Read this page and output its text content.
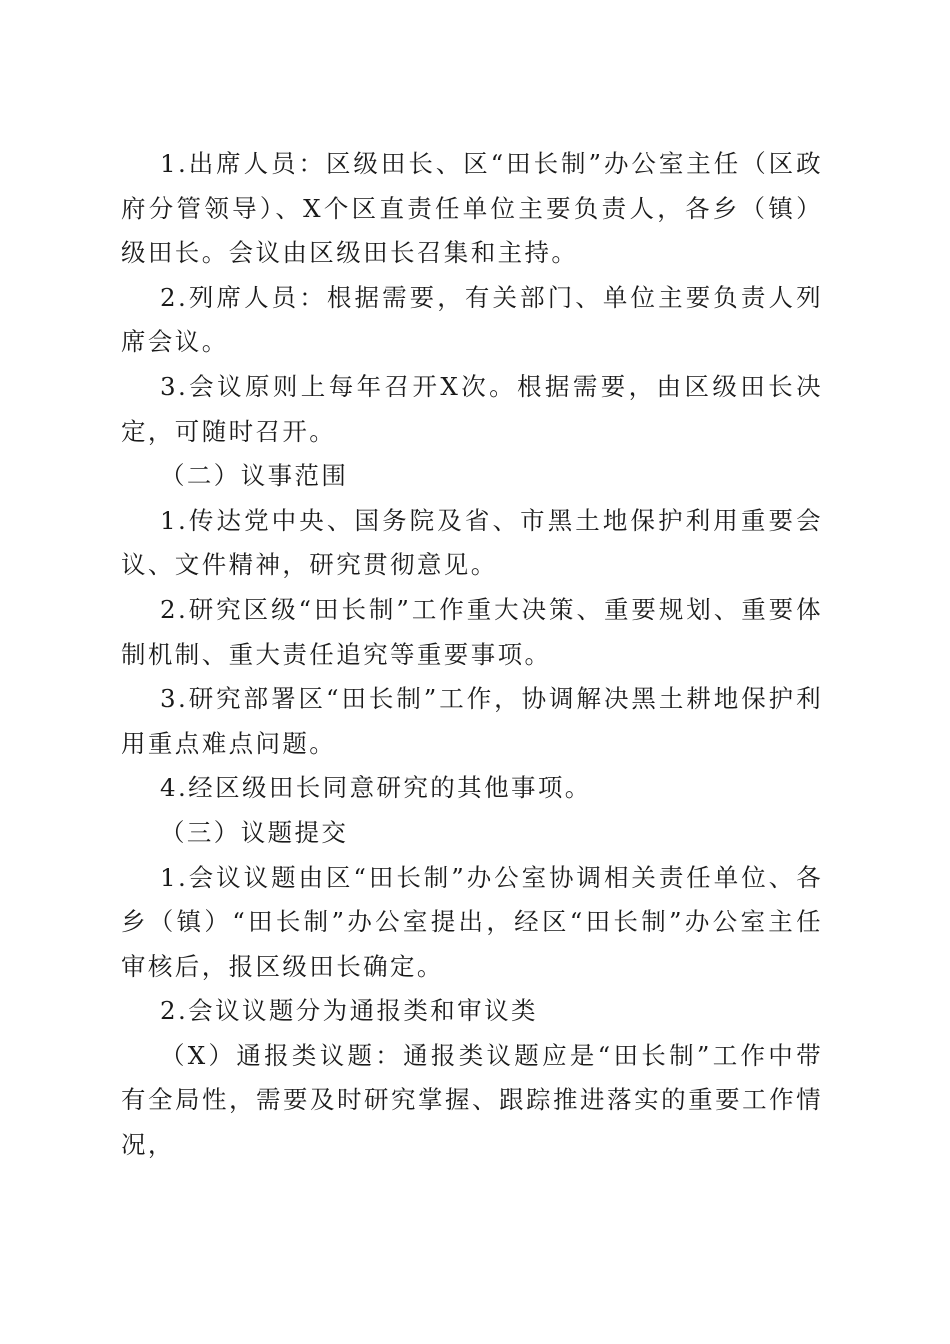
1.出席人员：区级田长、区“田长制”办公室主任（区政府分管领导）、X个区直责任单位主要负责人，各乡（镇）级田长。会议由区级田长召集和主持。

2.列席人员：根据需要，有关部门、单位主要负责人列席会议。

3.会议原则上每年召开X次。根据需要，由区级田长决定，可随时召开。

（二）议事范围

1.传达党中央、国务院及省、市黑土地保护利用重要会议、文件精神，研究贯彻意见。

2.研究区级“田长制”工作重大决策、重要规划、重要体制机制、重大责任追究等重要事项。

3.研究部署区“田长制”工作，协调解决黑土耕地保护利用重点难点问题。

4.经区级田长同意研究的其他事项。

（三）议题提交

1.会议议题由区“田长制”办公室协调相关责任单位、各乡（镇）“田长制”办公室提出，经区“田长制”办公室主任审核后，报区级田长确定。

2.会议议题分为通报类和审议类

（X）通报类议题：通报类议题应是“田长制”工作中带有全局性，需要及时研究掌握、跟踪推进落实的重要工作情况，
